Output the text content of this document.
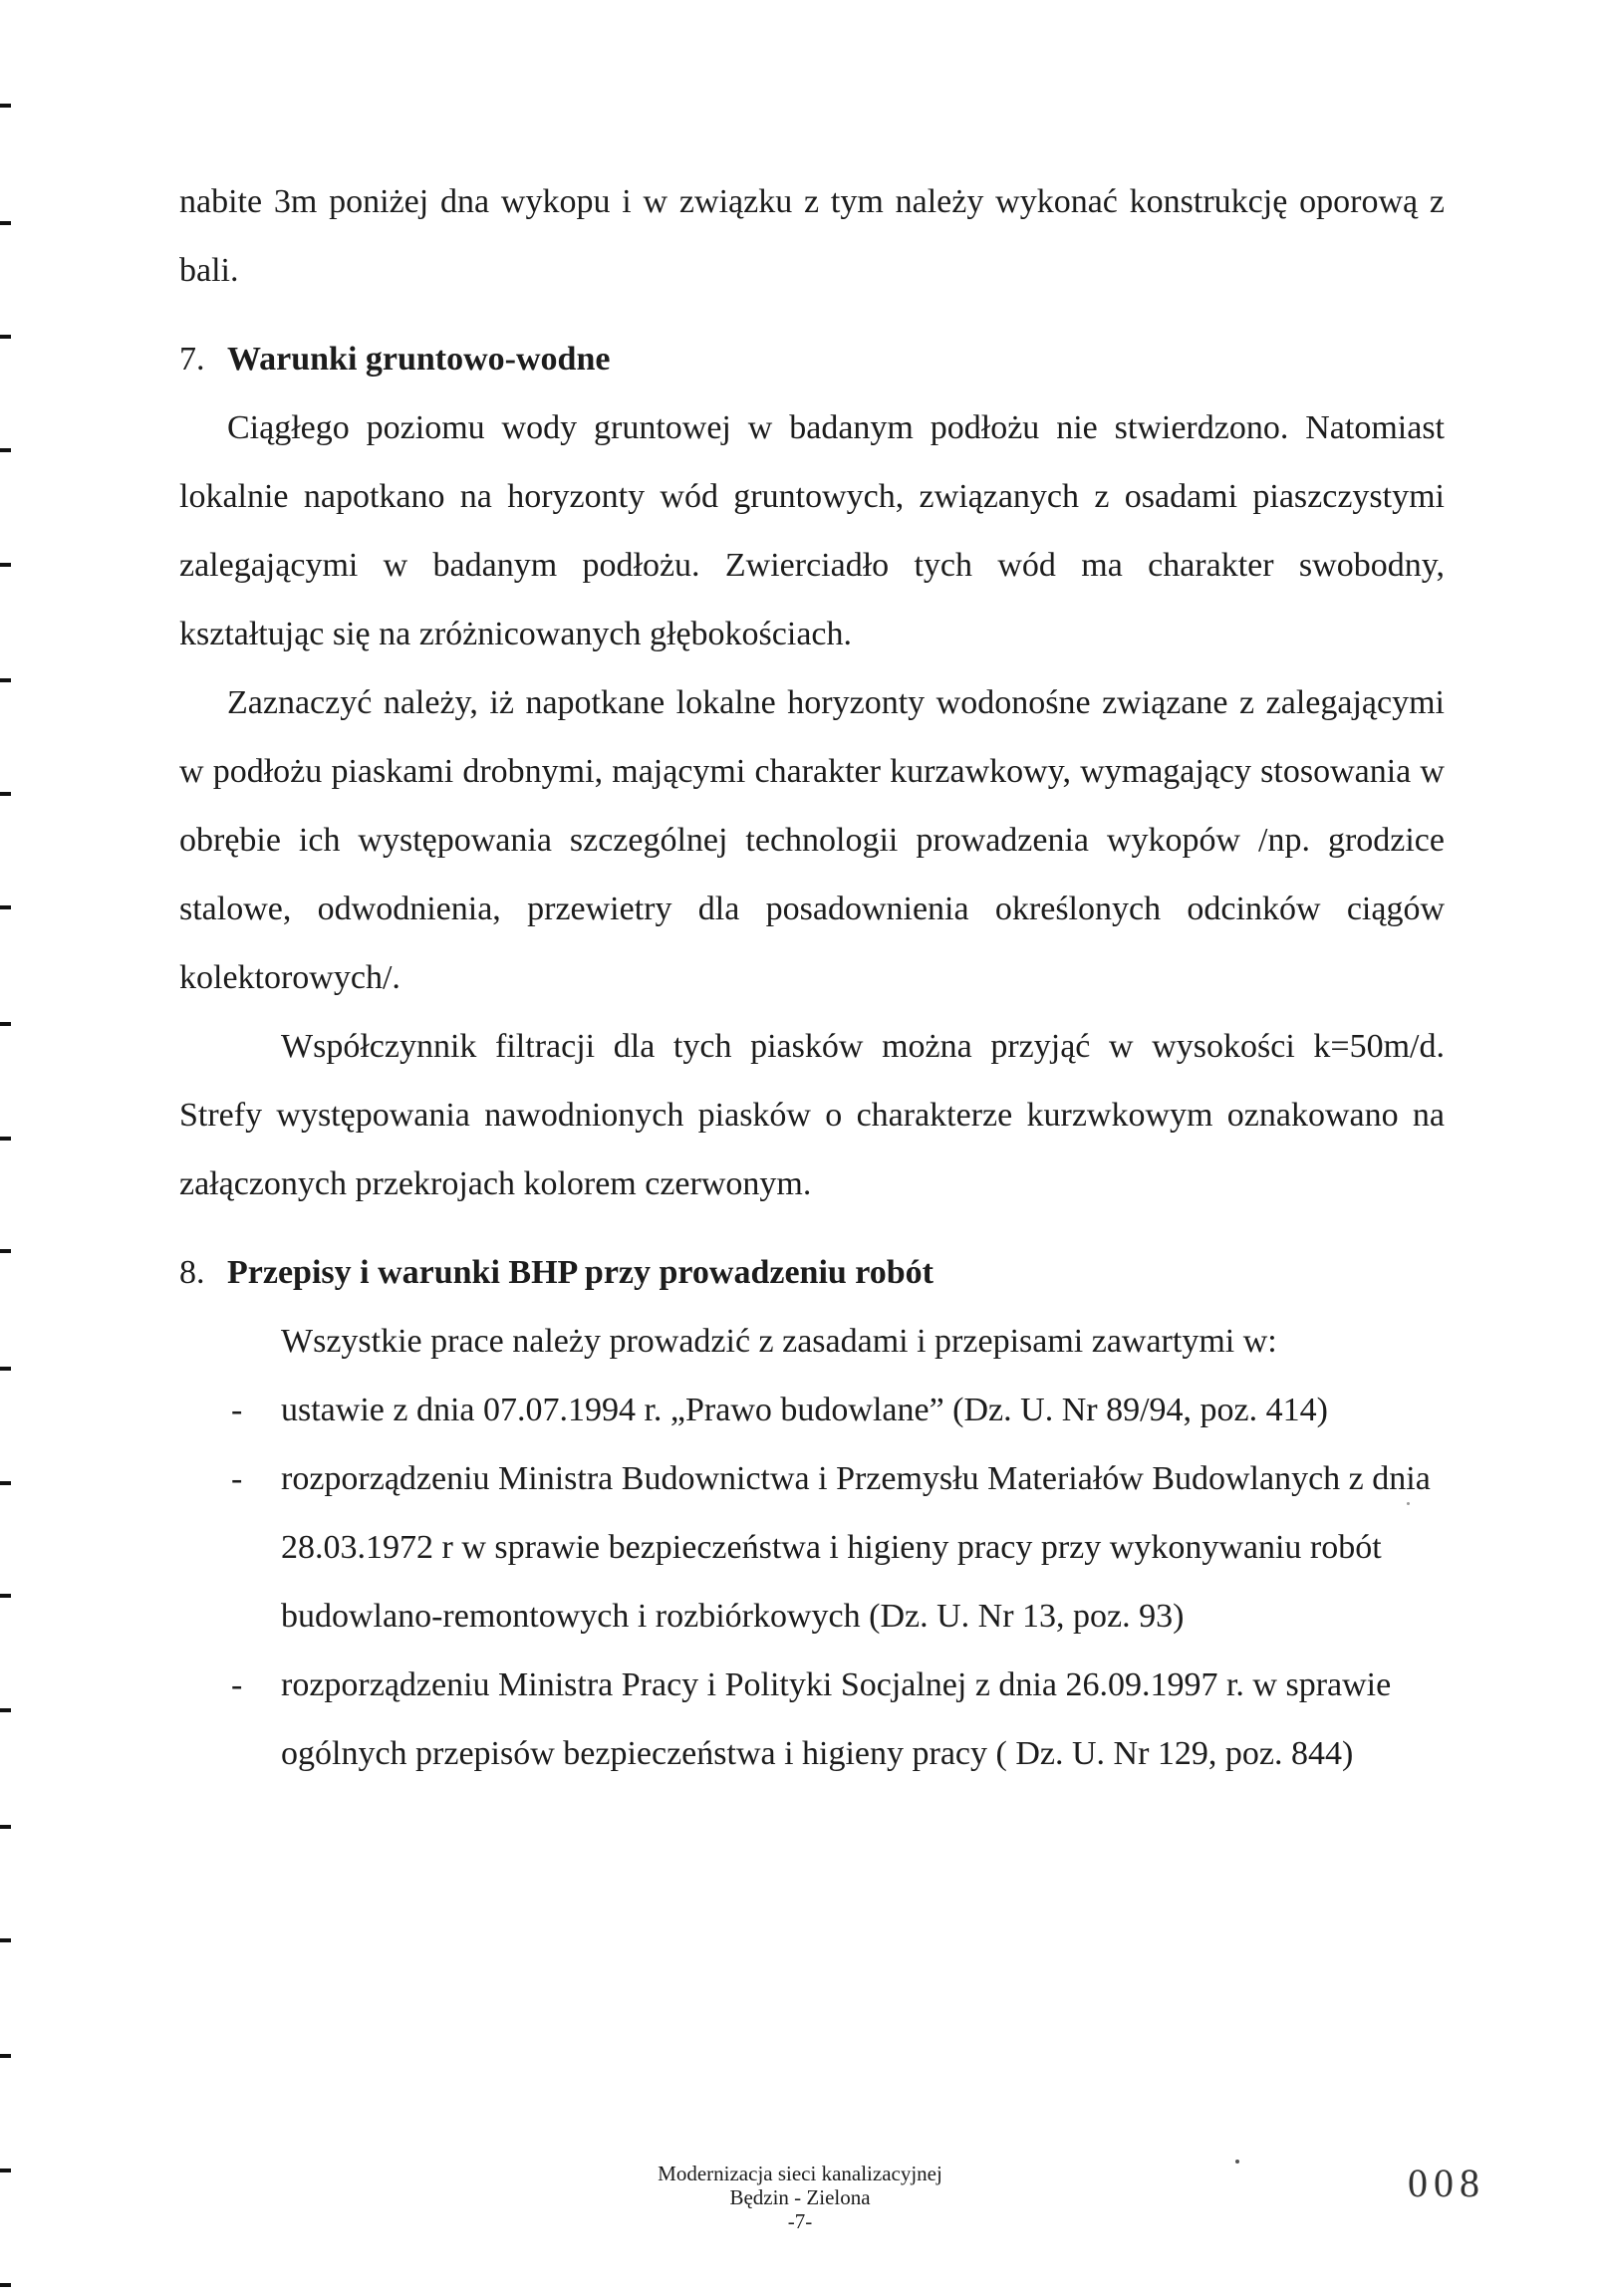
nabite 3m poniżej dna wykopu i w związku z tym należy wykonać konstrukcję oporową z bali.

7. Warunki gruntowo-wodne

Ciągłego poziomu wody gruntowej w badanym podłożu nie stwierdzono. Natomiast lokalnie napotkano na horyzonty wód gruntowych, związanych z osadami piaszczystymi zalegającymi w badanym podłożu. Zwierciadło tych wód ma charakter swobodny, kształtując się na zróżnicowanych głębokościach.

Zaznaczyć należy, iż napotkane lokalne horyzonty wodonośne związane z zalegającymi w podłożu piaskami drobnymi, mającymi charakter kurzawkowy, wymagający stosowania w obrębie ich występowania szczególnej technologii prowadzenia wykopów /np. grodzice stalowe, odwodnienia, przewietry dla posadownienia określonych odcinków ciągów kolektorowych/.

Współczynnik filtracji dla tych piasków można przyjąć w wysokości k=50m/d. Strefy występowania nawodnionych piasków o charakterze kurzwkowym oznakowano na załączonych przekrojach kolorem czerwonym.

8. Przepisy i warunki BHP przy prowadzeniu robót

Wszystkie prace należy prowadzić z zasadami i przepisami zawartymi w:

- ustawie z dnia 07.07.1994 r. „Prawo budowlane” (Dz. U. Nr 89/94, poz. 414)
- rozporządzeniu Ministra Budownictwa i Przemysłu Materiałów Budowlanych z dnia 28.03.1972 r w sprawie bezpieczeństwa i higieny pracy przy wykonywaniu robót budowlano-remontowych i rozbiórkowych (Dz. U. Nr 13, poz. 93)
- rozporządzeniu Ministra Pracy i Polityki Socjalnej z dnia 26.09.1997 r. w sprawie ogólnych przepisów bezpieczeństwa i higieny pracy ( Dz. U. Nr 129, poz. 844)
Modernizacja sieci kanalizacyjnej
Będzin - Zielona
-7-
008
